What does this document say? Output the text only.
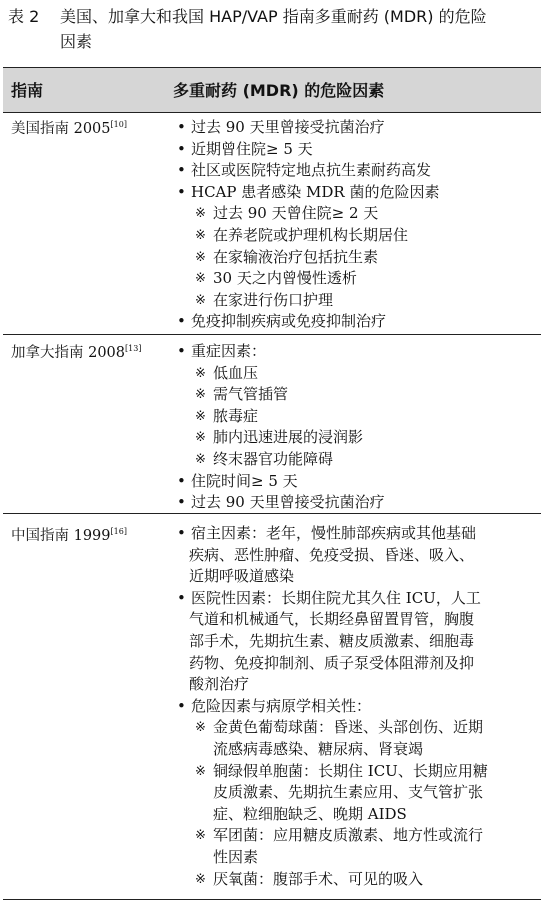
表 2 美国、加拿大和我国 HAP/VAP 指南多重耐药 (MDR) 的危险
因素
指南	多重耐药 (MDR) 的危险因素
美国指南 2005[10]	• 过去 90 天里曾接受抗菌治疗
• 近期曾住院≥ 5 天
• 社区或医院特定地点抗生素耐药高发
• HCAP 患者感染 MDR 菌的危险因素
※ 过去 90 天曾住院≥ 2 天
※ 在养老院或护理机构长期居住
※ 在家输液治疗包括抗生素
※ 30 天之内曾慢性透析
※ 在家进行伤口护理
• 免疫抑制疾病或免疫抑制治疗
加拿大指南 2008[13]	• 重症因素：
※ 低血压
※ 需气管插管
※ 脓毒症
※ 肺内迅速进展的浸润影
※ 终末器官功能障碍
• 住院时间≥ 5 天
• 过去 90 天里曾接受抗菌治疗
中国指南 1999[16]	• 宿主因素：老年，慢性肺部疾病或其他基础
疾病、恶性肿瘤、免疫受损、昏迷、吸入、
近期呼吸道感染
• 医院性因素：长期住院尤其久住 ICU，人工
气道和机械通气，长期经鼻留置胃管，胸腹
部手术，先期抗生素、糖皮质激素、细胞毒
药物、免疫抑制剂、质子泵受体阻滞剂及抑
酸剂治疗
• 危险因素与病原学相关性：
※ 金黄色葡萄球菌：昏迷、头部创伤、近期
流感病毒感染、糖尿病、肾衰竭
※ 铜绿假单胞菌：长期住 ICU、长期应用糖
皮质激素、先期抗生素应用、支气管扩张
症、粒细胞缺乏、晚期 AIDS
※ 军团菌：应用糖皮质激素、地方性或流行
性因素
※ 厌氧菌：腹部手术、可见的吸入
